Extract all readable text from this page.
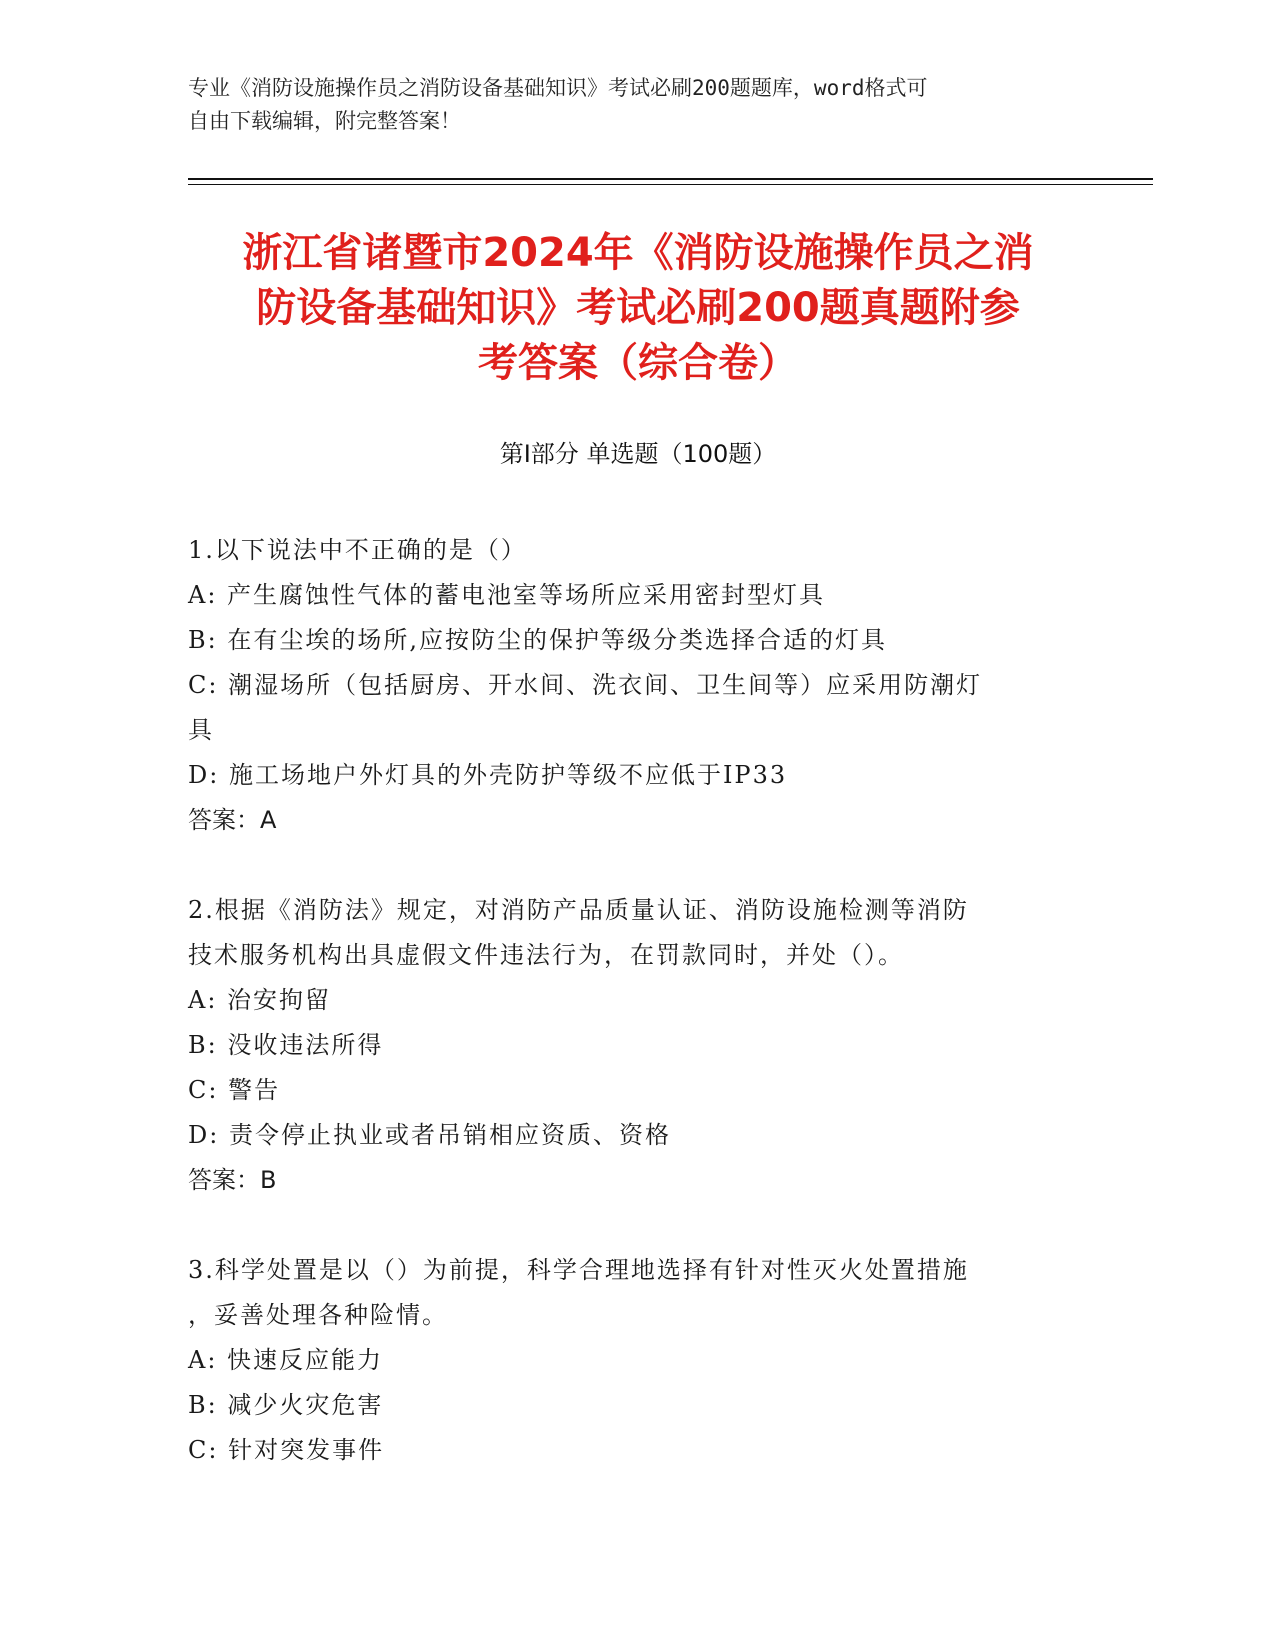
专业《消防设施操作员之消防设备基础知识》考试必刷200题题库，word格式可
自由下载编辑，附完整答案！
浙江省诸暨市2024年《消防设施操作员之消
防设备基础知识》考试必刷200题真题附参
考答案（综合卷）
第I部分 单选题（100题）

1.以下说法中不正确的是（）

A: 产生腐蚀性气体的蓄电池室等场所应采用密封型灯具

B: 在有尘埃的场所,应按防尘的保护等级分类选择合适的灯具

C: 潮湿场所（包括厨房、开水间、洗衣间、卫生间等）应采用防潮灯

具

D: 施工场地户外灯具的外壳防护等级不应低于IP33

答案：A

2.根据《消防法》规定，对消防产品质量认证、消防设施检测等消防

技术服务机构出具虚假文件违法行为，在罚款同时，并处（）。

A: 治安拘留

B: 没收违法所得

C: 警告

D: 责令停止执业或者吊销相应资质、资格

答案：B

3.科学处置是以（）为前提，科学合理地选择有针对性灭火处置措施

，妥善处理各种险情。

A: 快速反应能力

B: 减少火灾危害

C: 针对突发事件
